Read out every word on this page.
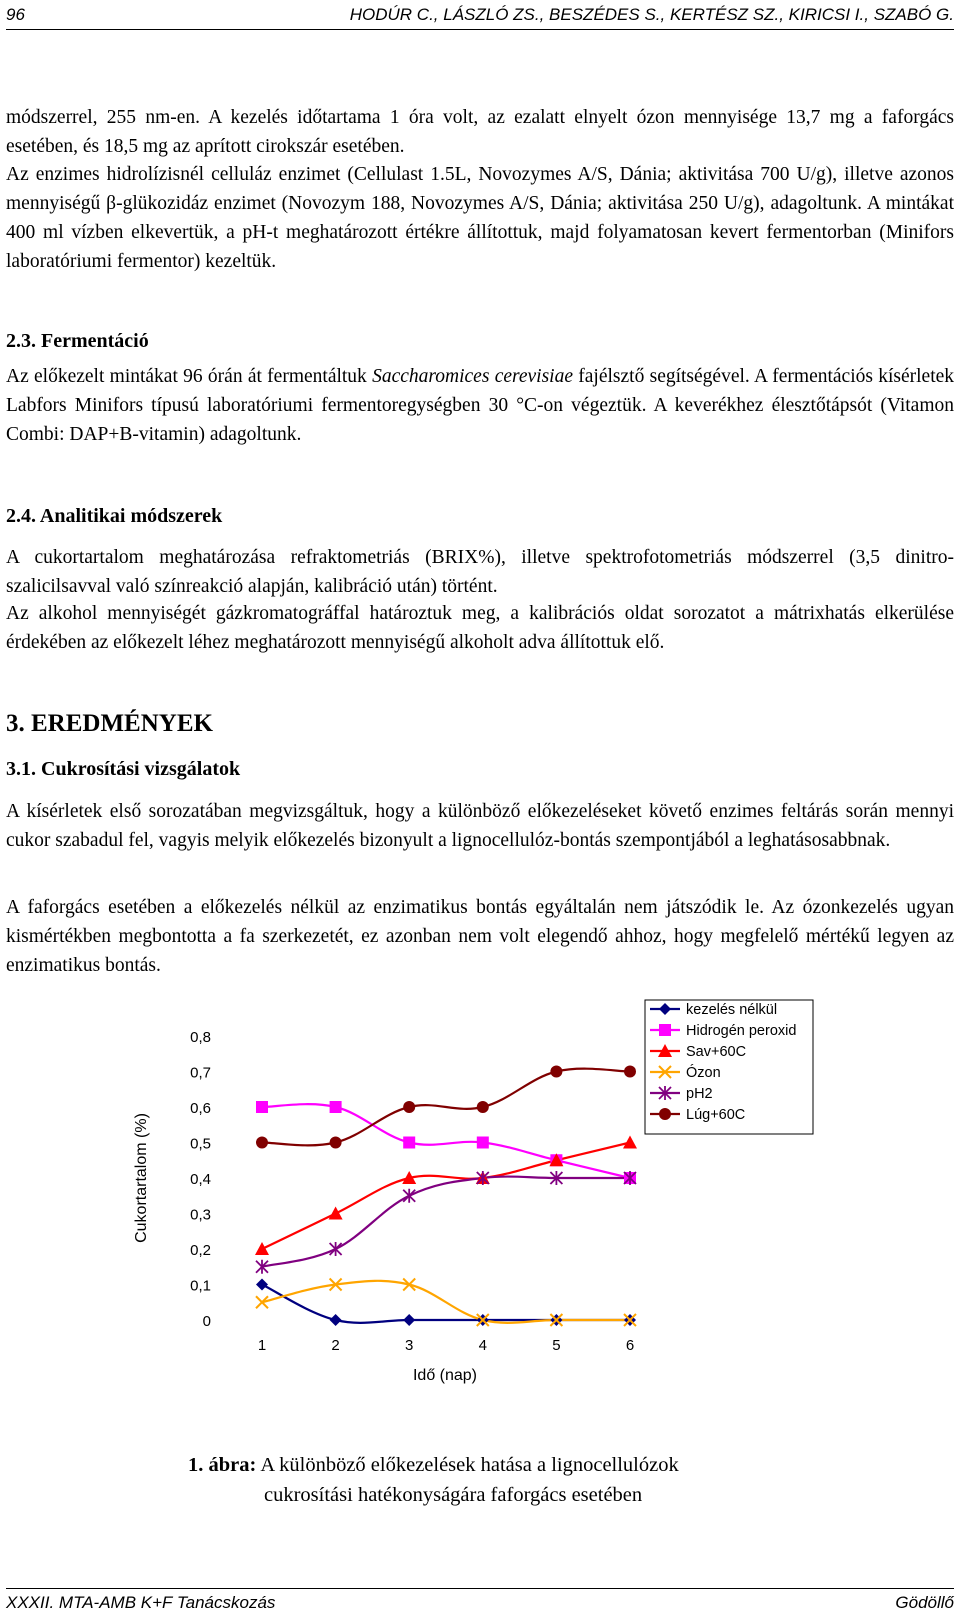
96	HODÚR C., LÁSZLÓ ZS., BESZÉDES S., KERTÉSZ SZ., KIRICSI I., SZABÓ G.

módszerrel, 255 nm-en. A kezelés időtartama 1 óra volt, az ezalatt elnyelt ózon mennyisége 13,7 mg a faforgács esetében, és 18,5 mg az aprított cirokszár esetében.

Az enzimes hidrolízisnél celluláz enzimet (Cellulast 1.5L, Novozymes A/S, Dánia; aktivitása 700 U/g), illetve azonos mennyiségű β-glükozidáz enzimet (Novozym 188, Novozymes A/S, Dánia; aktivitása 250 U/g), adagoltunk. A mintákat 400 ml vízben elkevertük, a pH-t meghatározott értékre állítottuk, majd folyamatosan kevert fermentorban (Minifors laboratóriumi fermentor) kezeltük.

2.3. Fermentáció

Az előkezelt mintákat 96 órán át fermentáltuk Saccharomices cerevisiae fajélsztő segítségével. A fermentációs kísérletek Labfors Minifors típusú laboratóriumi fermentoregységben 30 °C-on végeztük. A keverékhez élesztőtápsót (Vitamon Combi: DAP+B-vitamin) adagoltunk.

2.4. Analitikai módszerek

A cukortartalom meghatározása refraktometriás (BRIX%), illetve spektrofotometriás módszerrel (3,5 dinitro-szalicilsavval való színreakció alapján, kalibráció után) történt.

Az alkohol mennyiségét gázkromatográffal határoztuk meg, a kalibrációs oldat sorozatot a mátrixhatás elkerülése érdekében az előkezelt léhez meghatározott mennyiségű alkoholt adva állítottuk elő.

3. EREDMÉNYEK
3.1. Cukrosítási vizsgálatok

A kísérletek első sorozatában megvizsgáltuk, hogy a különböző előkezeléseket követő enzimes feltárás során mennyi cukor szabadul fel, vagyis melyik előkezelés bizonyult a lignocellulóz-bontás szempontjából a leghatásosabbnak.

A faforgács esetében a előkezelés nélkül az enzimatikus bontás egyáltalán nem játszódik le. Az ózonkezelés ugyan kismértékben megbontotta a fa szerkezetét, ez azonban nem volt elegendő ahhoz, hogy megfelelő mértékű legyen az enzimatikus bontás.

0
0,1
0,2
0,3
0,4
0,5
0,6
0,7
0,8
1	2	3	4	5	6
Idő (nap)
Cukortartalom (%)
kezelés nélkül
Hidrogén peroxid
Sav+60C
Ózon
pH2
Lúg+60C
1. ábra: A különböző előkezelések hatása a lignocellulózok
cukrosítási hatékonyságára faforgács esetében
XXXII. MTA-AMB K+F Tanácskozás	Gödöllő
